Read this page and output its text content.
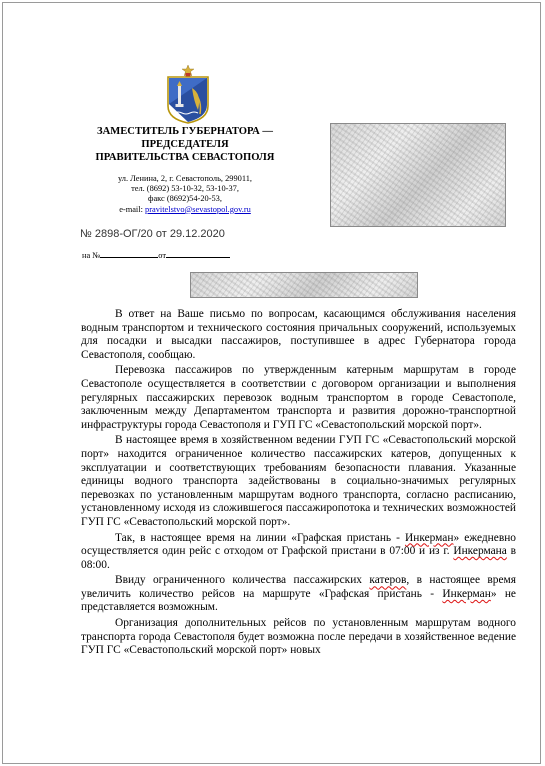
ЗАМЕСТИТЕЛЬ ГУБЕРНАТОРА —
ПРЕДСЕДАТЕЛЯ
ПРАВИТЕЛЬСТВА СЕВАСТОПОЛЯ
ул. Ленина, 2, г. Севастополь, 299011,
тел. (8692) 53-10-32, 53-10-37,
факс (8692)54-20-53,
e-mail: pravitelstvo@sevastopol.gov.ru
№ 2898-ОГ/20 от 29.12.2020
на №	от

В ответ на Ваше письмо по вопросам, касающимся обслуживания населения водным транспортом и технического состояния причальных сооружений, используемых для посадки и высадки пассажиров, поступившее в адрес Губернатора города Севастополя, сообщаю.

Перевозка пассажиров по утвержденным катерным маршрутам в городе Севастополе осуществляется в соответствии с договором организации и выполнения регулярных пассажирских перевозок водным транспортом в городе Севастополе, заключенным между Департаментом транспорта и развития дорожно-транспортной инфраструктуры города Севастополя и ГУП ГС «Севастопольский морской порт».

В настоящее время в хозяйственном ведении ГУП ГС «Севастопольский морской порт» находится ограниченное количество пассажирских катеров, допущенных к эксплуатации и соответствующих требованиям безопасности плавания. Указанные единицы водного транспорта задействованы в социально-значимых регулярных перевозках по установленным маршрутам водного транспорта, согласно расписанию, установленному исходя из сложившегося пассажиропотока и технических возможностей ГУП ГС «Севастопольский морской порт».

Так, в настоящее время на линии «Графская пристань - Инкерман» ежедневно осуществляется один рейс с отходом от Графской пристани в 07:00 и из г. Инкермана в 08:00.

Ввиду ограниченного количества пассажирских катеров, в настоящее время увеличить количество рейсов на маршруте «Графская пристань - Инкерман» не представляется возможным.

Организация дополнительных рейсов по установленным маршрутам водного транспорта города Севастополя будет возможна после передачи в хозяйственное ведение ГУП ГС «Севастопольский морской порт» новых
